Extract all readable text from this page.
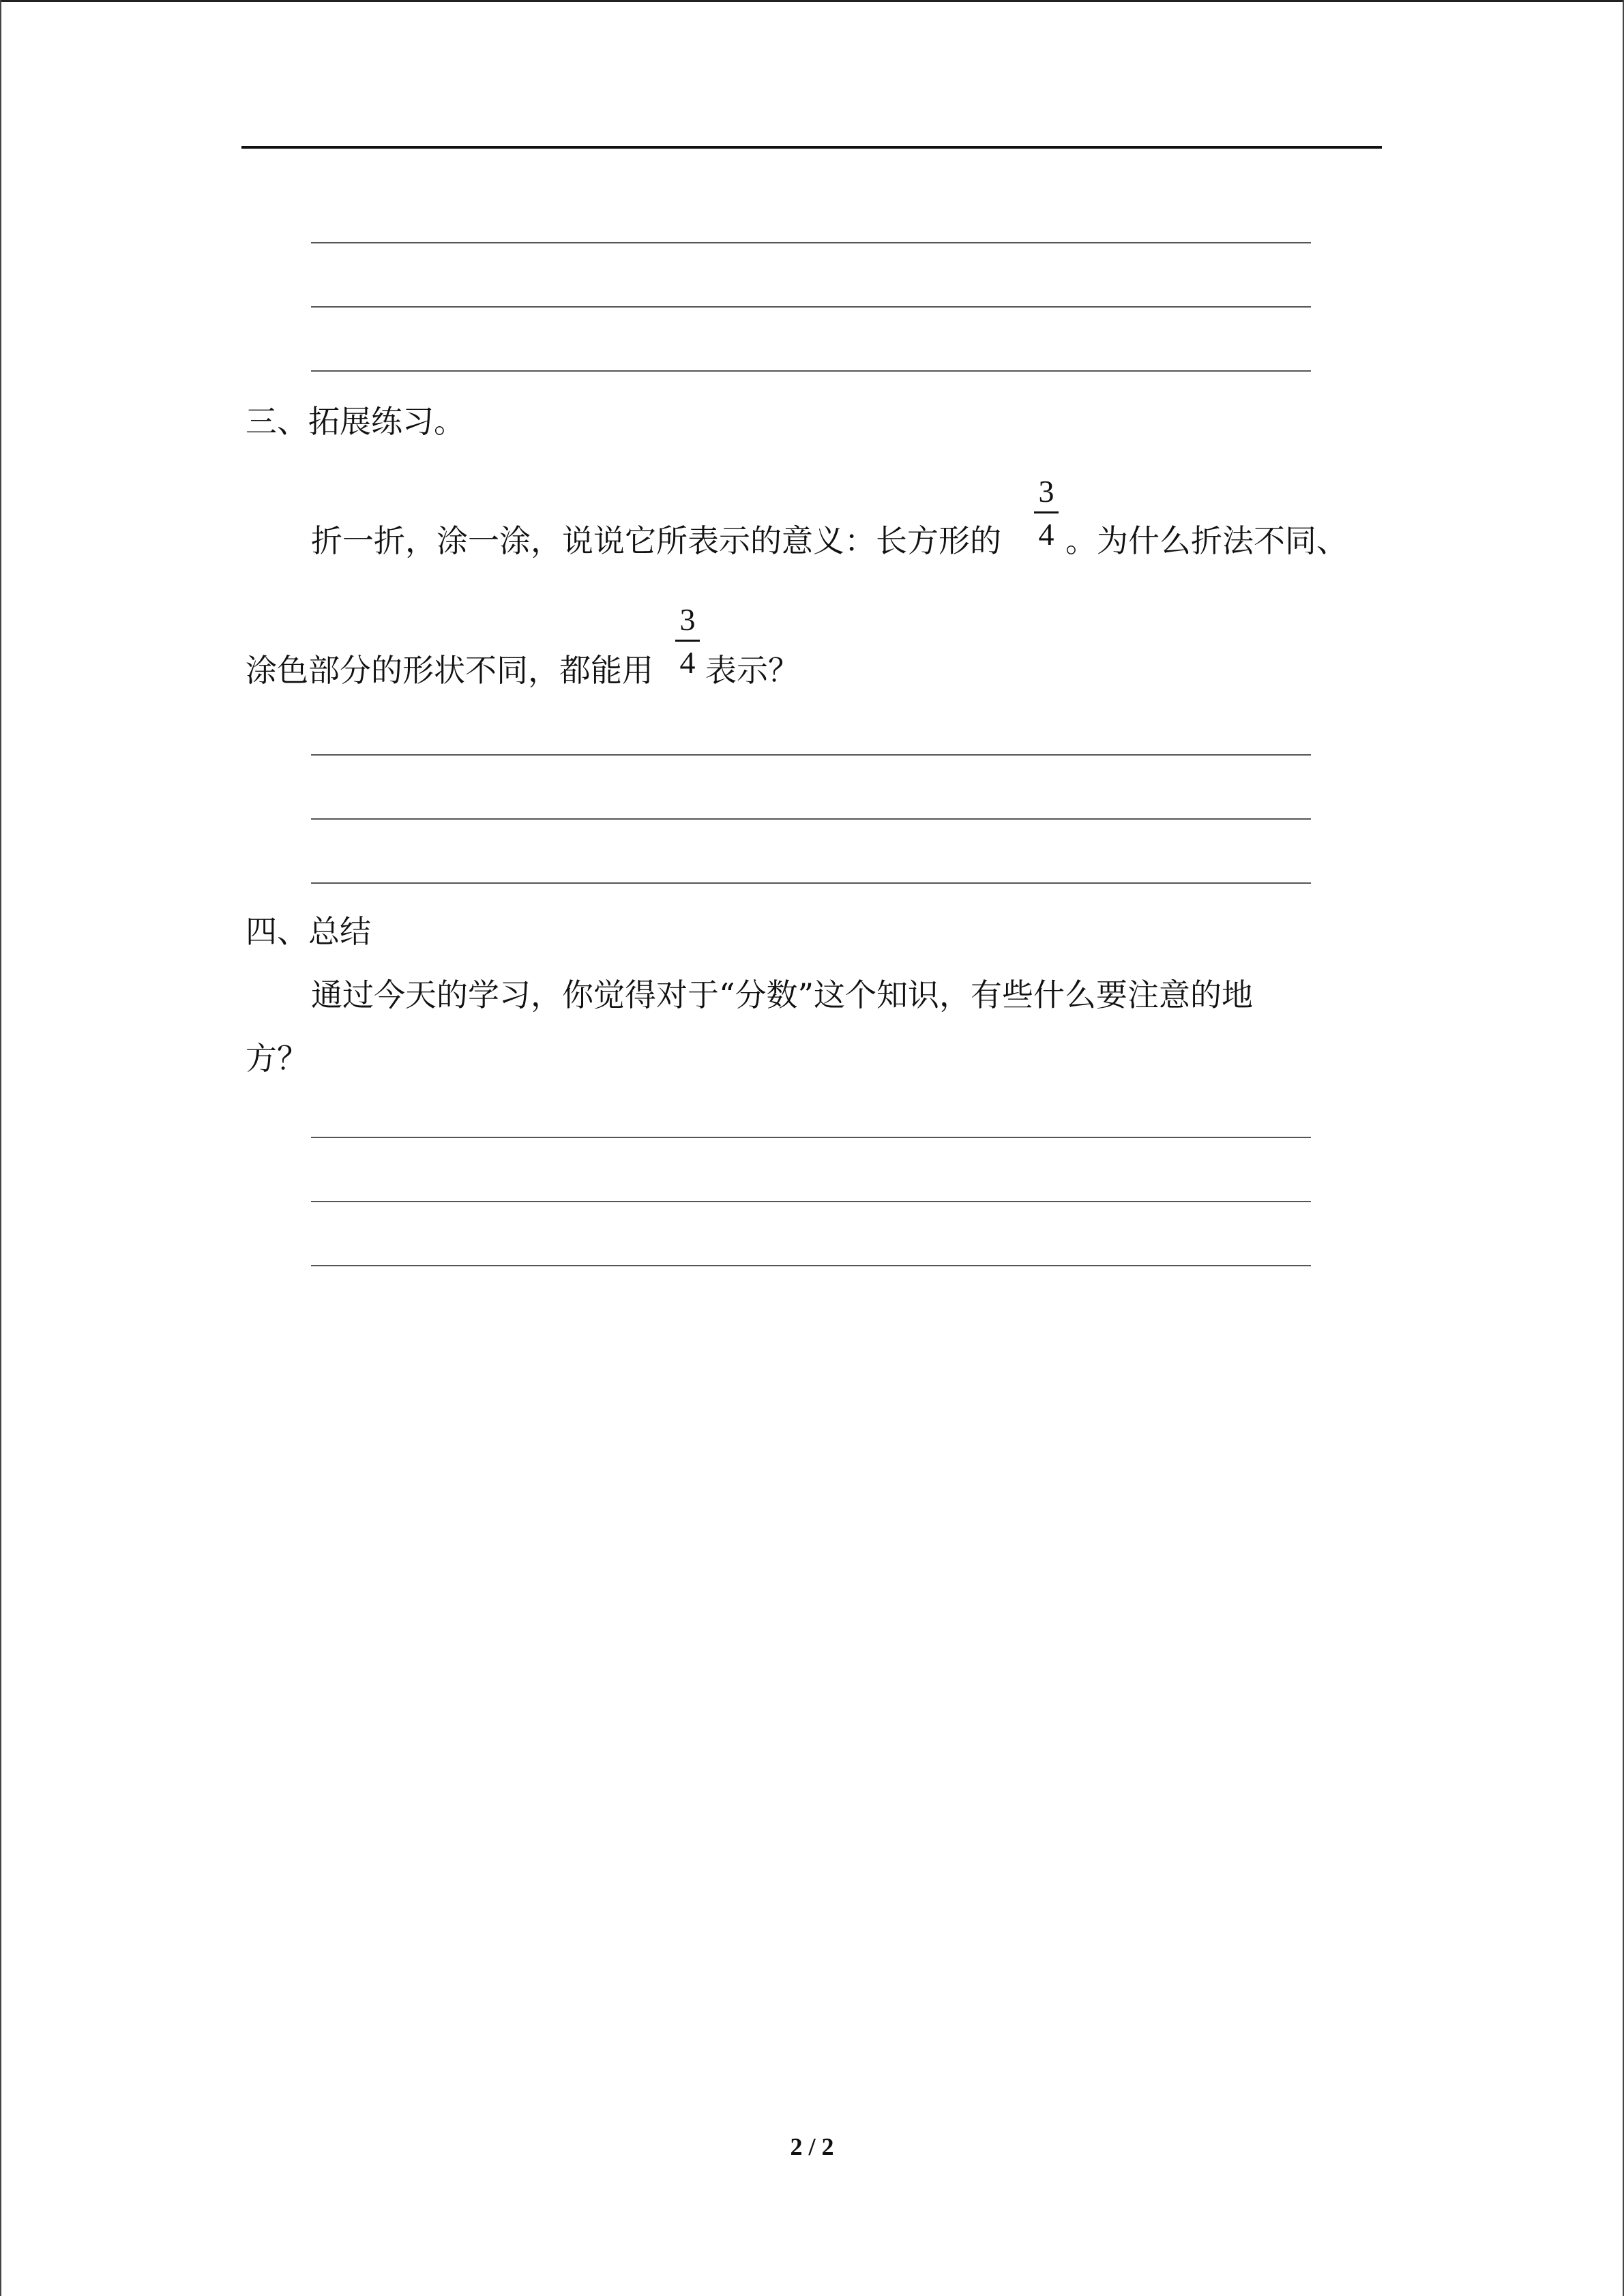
三、拓展练习。
折一折，涂一涂，说说它所表示的意义：长方形的
3
4 。为什么折法不同、
涂色部分的形状不同，都能用
3
4 表示？
四、总结
通过今天的学习，你觉得对于“分数”这个知识，有些什么要注意的地
方？
2 / 2
